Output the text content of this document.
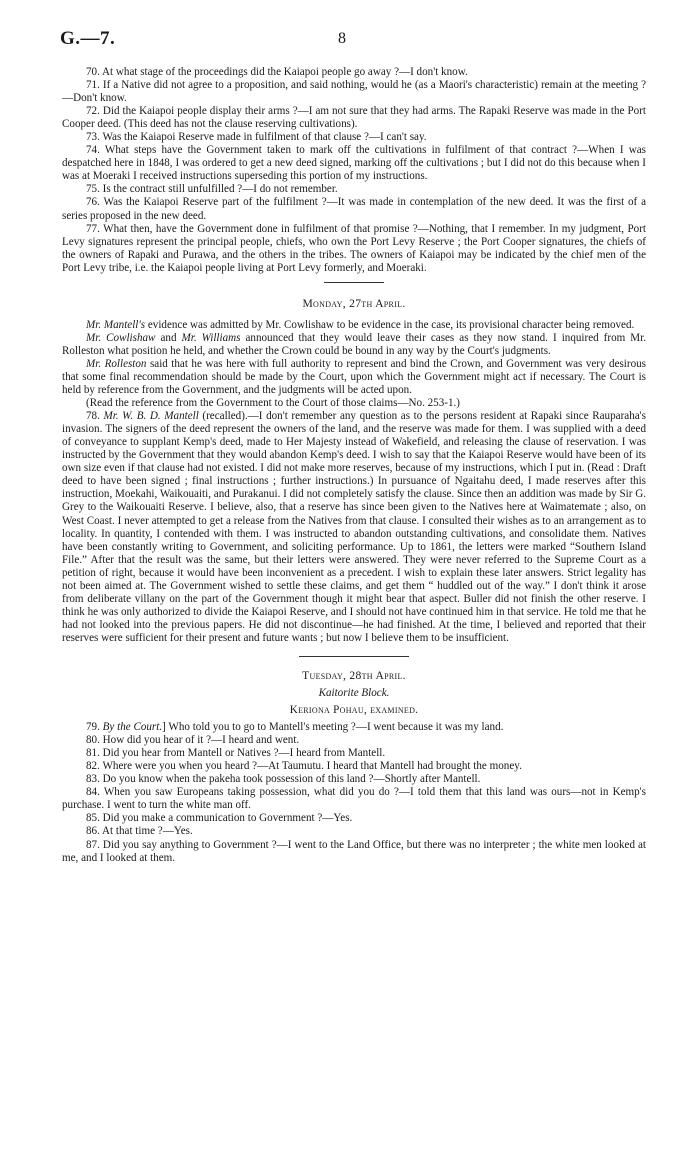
G.—7.	8

70. At what stage of the proceedings did the Kaiapoi people go away ?—I don't know.

71. If a Native did not agree to a proposition, and said nothing, would he (as a Maori's characteristic) remain at the meeting ?—Don't know.

72. Did the Kaiapoi people display their arms ?—I am not sure that they had arms. The Rapaki Reserve was made in the Port Cooper deed. (This deed has not the clause reserving cultivations).

73. Was the Kaiapoi Reserve made in fulfilment of that clause ?—I can't say.

74. What steps have the Government taken to mark off the cultivations in fulfilment of that contract ?—When I was despatched here in 1848, I was ordered to get a new deed signed, marking off the cultivations ; but I did not do this because when I was at Moeraki I received instructions superseding this portion of my instructions.

75. Is the contract still unfulfilled ?—I do not remember.

76. Was the Kaiapoi Reserve part of the fulfilment ?—It was made in contemplation of the new deed. It was the first of a series proposed in the new deed.

77. What then, have the Government done in fulfilment of that promise ?—Nothing, that I remember. In my judgment, Port Levy signatures represent the principal people, chiefs, who own the Port Levy Reserve ; the Port Cooper signatures, the chiefs of the owners of Rapaki and Purawa, and the others in the tribes. The owners of Kaiapoi may be indicated by the chief men of the Port Levy tribe, i.e. the Kaiapoi people living at Port Levy formerly, and Moeraki.

Monday, 27th April.

Mr. Mantell's evidence was admitted by Mr. Cowlishaw to be evidence in the case, its provisional character being removed.

Mr. Cowlishaw and Mr. Williams announced that they would leave their cases as they now stand. I inquired from Mr. Rolleston what position he held, and whether the Crown could be bound in any way by the Court's judgments.

Mr. Rolleston said that he was here with full authority to represent and bind the Crown, and Government was very desirous that some final recommendation should be made by the Court, upon which the Government might act if necessary. The Court is held by reference from the Government, and the judgments will be acted upon.

(Read the reference from the Government to the Court of those claims—No. 253-1.)

78. Mr. W. B. D. Mantell (recalled).—I don't remember any question as to the persons resident at Rapaki since Rauparaha's invasion. The signers of the deed represent the owners of the land, and the reserve was made for them. I was supplied with a deed of conveyance to supplant Kemp's deed, made to Her Majesty instead of Wakefield, and releasing the clause of reservation. I was instructed by the Government that they would abandon Kemp's deed. I wish to say that the Kaiapoi Reserve would have been of its own size even if that clause had not existed. I did not make more reserves, because of my instructions, which I put in. (Read : Draft deed to have been signed ; final instructions ; further instructions.) In pursuance of Ngaitahu deed, I made reserves after this instruction, Moekahi, Waikouaiti, and Purakanui. I did not completely satisfy the clause. Since then an addition was made by Sir G. Grey to the Waikouaiti Reserve. I believe, also, that a reserve has since been given to the Natives here at Waimatemate ; also, on West Coast. I never attempted to get a release from the Natives from that clause. I consulted their wishes as to an arrangement as to locality. In quantity, I contended with them. I was instructed to abandon outstanding cultivations, and consolidate them. Natives have been constantly writing to Government, and soliciting performance. Up to 1861, the letters were marked “Southern Island File.” After that the result was the same, but their letters were answered. They were never referred to the Supreme Court as a petition of right, because it would have been inconvenient as a precedent. I wish to explain these later answers. Strict legality has not been aimed at. The Government wished to settle these claims, and get them “ huddled out of the way.” I don't think it arose from deliberate villany on the part of the Government though it might bear that aspect. Buller did not finish the other reserve. I think he was only authorized to divide the Kaiapoi Reserve, and I should not have continued him in that service. He told me that he had not looked into the previous papers. He did not discontinue—he had finished. At the time, I believed and reported that their reserves were sufficient for their present and future wants ; but now I believe them to be insufficient.

Tuesday, 28th April.

Kaitorite Block.

Keriona Pohau, examined.

79. By the Court.] Who told you to go to Mantell's meeting ?—I went because it was my land.

80. How did you hear of it ?—I heard and went.

81. Did you hear from Mantell or Natives ?—I heard from Mantell.

82. Where were you when you heard ?—At Taumutu. I heard that Mantell had brought the money.

83. Do you know when the pakeha took possession of this land ?—Shortly after Mantell.

84. When you saw Europeans taking possession, what did you do ?—I told them that this land was ours—not in Kemp's purchase. I went to turn the white man off.

85. Did you make a communication to Government ?—Yes.

86. At that time ?—Yes.

87. Did you say anything to Government ?—I went to the Land Office, but there was no interpreter ; the white men looked at me, and I looked at them.
